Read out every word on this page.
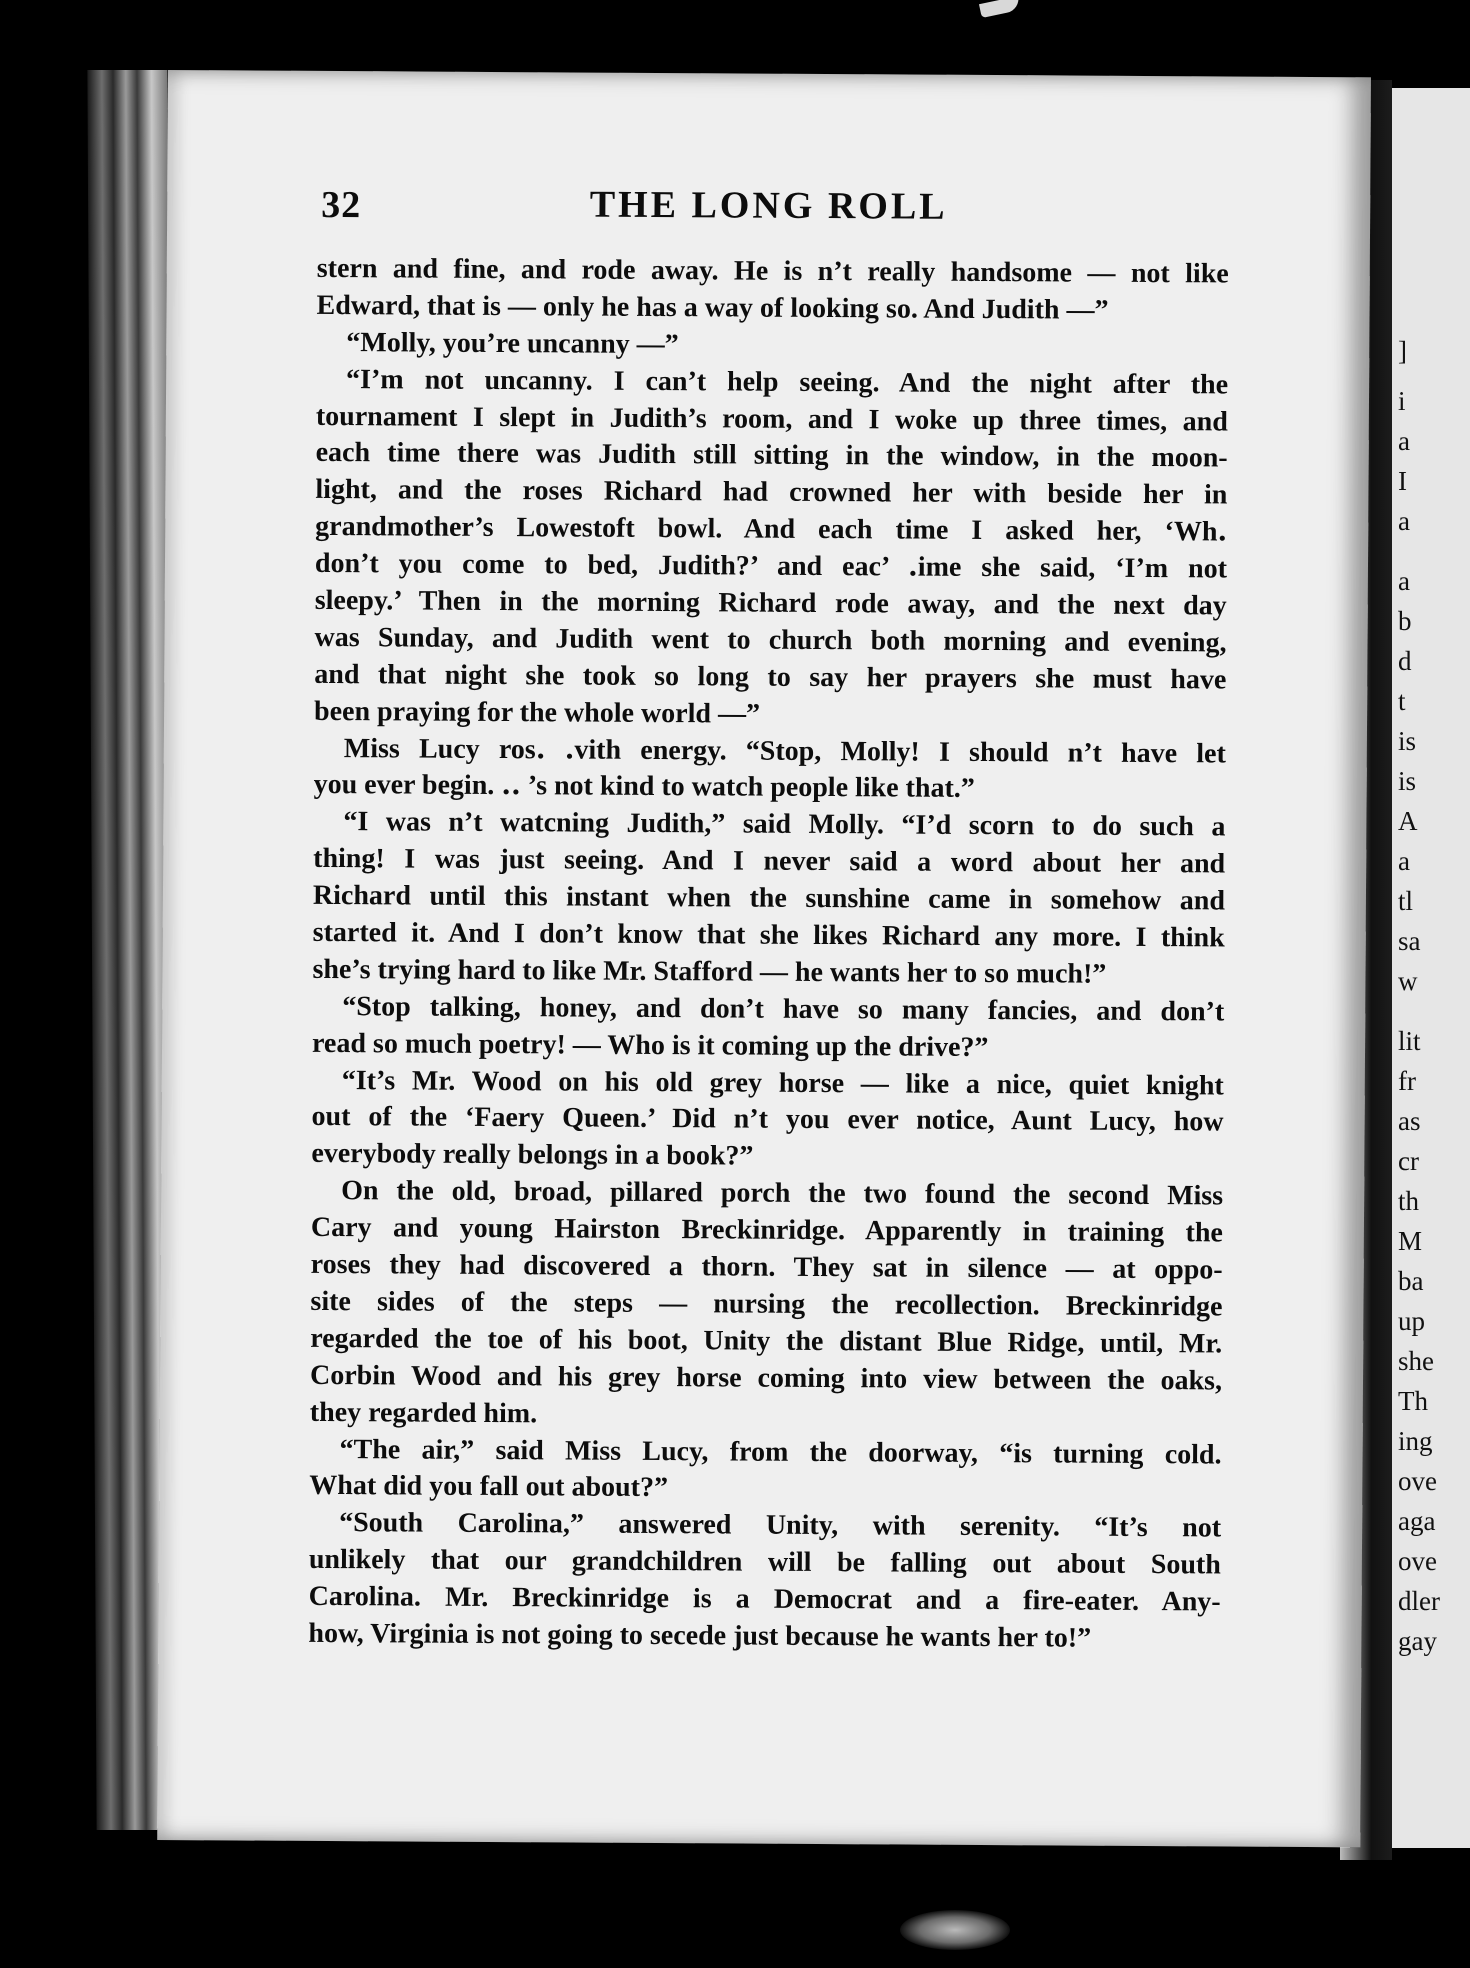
]
i
a
I
a
a
b
d
t
is
is
A
a
tl
sa
w
lit
fr
as
cr
th
M
ba
up
she
Th
ing
ove
aga
ove
dler
gay
32	THE LONG ROLL
stern and fine, and rode away. He is n’t really handsome — not like
Edward, that is — only he has a way of looking so. And Judith —”
“Molly, you’re uncanny —”
“I’m not uncanny. I can’t help seeing. And the night after the
tournament I slept in Judith’s room, and I woke up three times, and
each time there was Judith still sitting in the window, in the moon-
light, and the roses Richard had crowned her with beside her in
grandmother’s Lowestoft bowl. And each time I asked her, ‘Wh․
don’t you come to bed, Judith?’ and eac’ ․ime she said, ‘I’m not
sleepy.’ Then in the morning Richard rode away, and the next day
was Sunday, and Judith went to church both morning and evening,
and that night she took so long to say her prayers she must have
been praying for the whole world —”
Miss Lucy ros․ ․vith energy. “Stop, Molly! I should n’t have let
you ever begin. ․․ ’s not kind to watch people like that.”
“I was n’t watcning Judith,” said Molly. “I’d scorn to do such a
thing! I was just seeing. And I never said a word about her and
Richard until this instant when the sunshine came in somehow and
started it. And I don’t know that she likes Richard any more. I think
she’s trying hard to like Mr. Stafford — he wants her to so much!”
“Stop talking, honey, and don’t have so many fancies, and don’t
read so much poetry! — Who is it coming up the drive?”
“It’s Mr. Wood on his old grey horse — like a nice, quiet knight
out of the ‘Faery Queen.’ Did n’t you ever notice, Aunt Lucy, how
everybody really belongs in a book?”
On the old, broad, pillared porch the two found the second Miss
Cary and young Hairston Breckinridge. Apparently in training the
roses they had discovered a thorn. They sat in silence — at oppo-
site sides of the steps — nursing the recollection. Breckinridge
regarded the toe of his boot, Unity the distant Blue Ridge, until, Mr.
Corbin Wood and his grey horse coming into view between the oaks,
they regarded him.
“The air,” said Miss Lucy, from the doorway, “is turning cold.
What did you fall out about?”
“South Carolina,” answered Unity, with serenity. “It’s not
unlikely that our grandchildren will be falling out about South
Carolina. Mr. Breckinridge is a Democrat and a fire-eater. Any-
how, Virginia is not going to secede just because he wants her to!”
